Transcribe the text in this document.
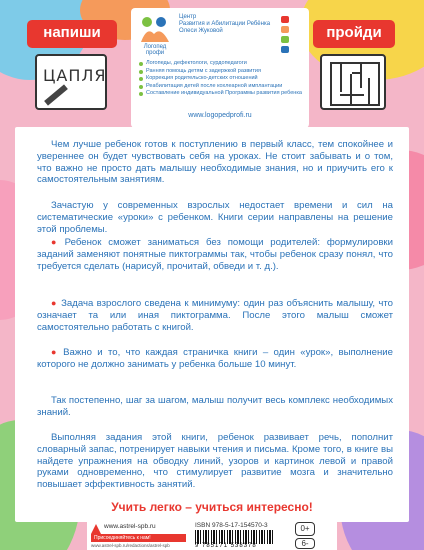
напиши
ЦАПЛЯ
пройди
Логопед профи
Центр
Развития и Абилитации Ребёнка
Олеси Жуковой
Логопеды, дефектологи, сурдопедагоги
Ранняя помощь детям с задержкой развития
Коррекция родительско-детских отношений
Реабилитация детей после кохлеарной имплантации
Составление индивидуальной Программы развития ребенка
www.logopedprofi.ru

Чем лучше ребенок готов к поступлению в первый класс, тем спокойнее и увереннее он будет чувствовать себя на уроках. Не стоит забывать и о том, что важно не просто дать малышу необходимые знания, но и приучить его к самостоятельным занятиям.

Зачастую у современных взрослых недостает времени и сил на систематические «уроки» с ребенком. Книги серии направлены на решение этой проблемы.

● Ребенок сможет заниматься без помощи родителей: формулировки заданий заменяют понятные пиктограммы так, чтобы ребенок сразу понял, что требуется сделать (нарисуй, прочитай, обведи и т. д.).

● Задача взрослого сведена к минимуму: один раз объяснить малышу, что означает та или иная пиктограмма. После этого малыш сможет самостоятельно работать с книгой.

● Важно и то, что каждая страничка книги – один «урок», выполнение которого не должно занимать у ребенка больше 10 минут.

Так постепенно, шаг за шагом, малыш получит весь комплекс необходимых знаний.

Выполняя задания этой книги, ребенок развивает речь, пополнит словарный запас, потренирует навыки чтения и письма. Кроме того, в книге вы найдете упражнения на обводку линий, узоров и картинок левой и правой руками одновременно, что стимулирует развитие мозга и значительно повышает эффективность занятий.

Учить легко – учиться интересно!
www.astrel-spb.ru
Присоединяйтесь к нам!
www.astrel-spb.ru/redactions/astrel-spb
ISBN 978-5-17-154570-3
9 785171 538378
0+
6-
